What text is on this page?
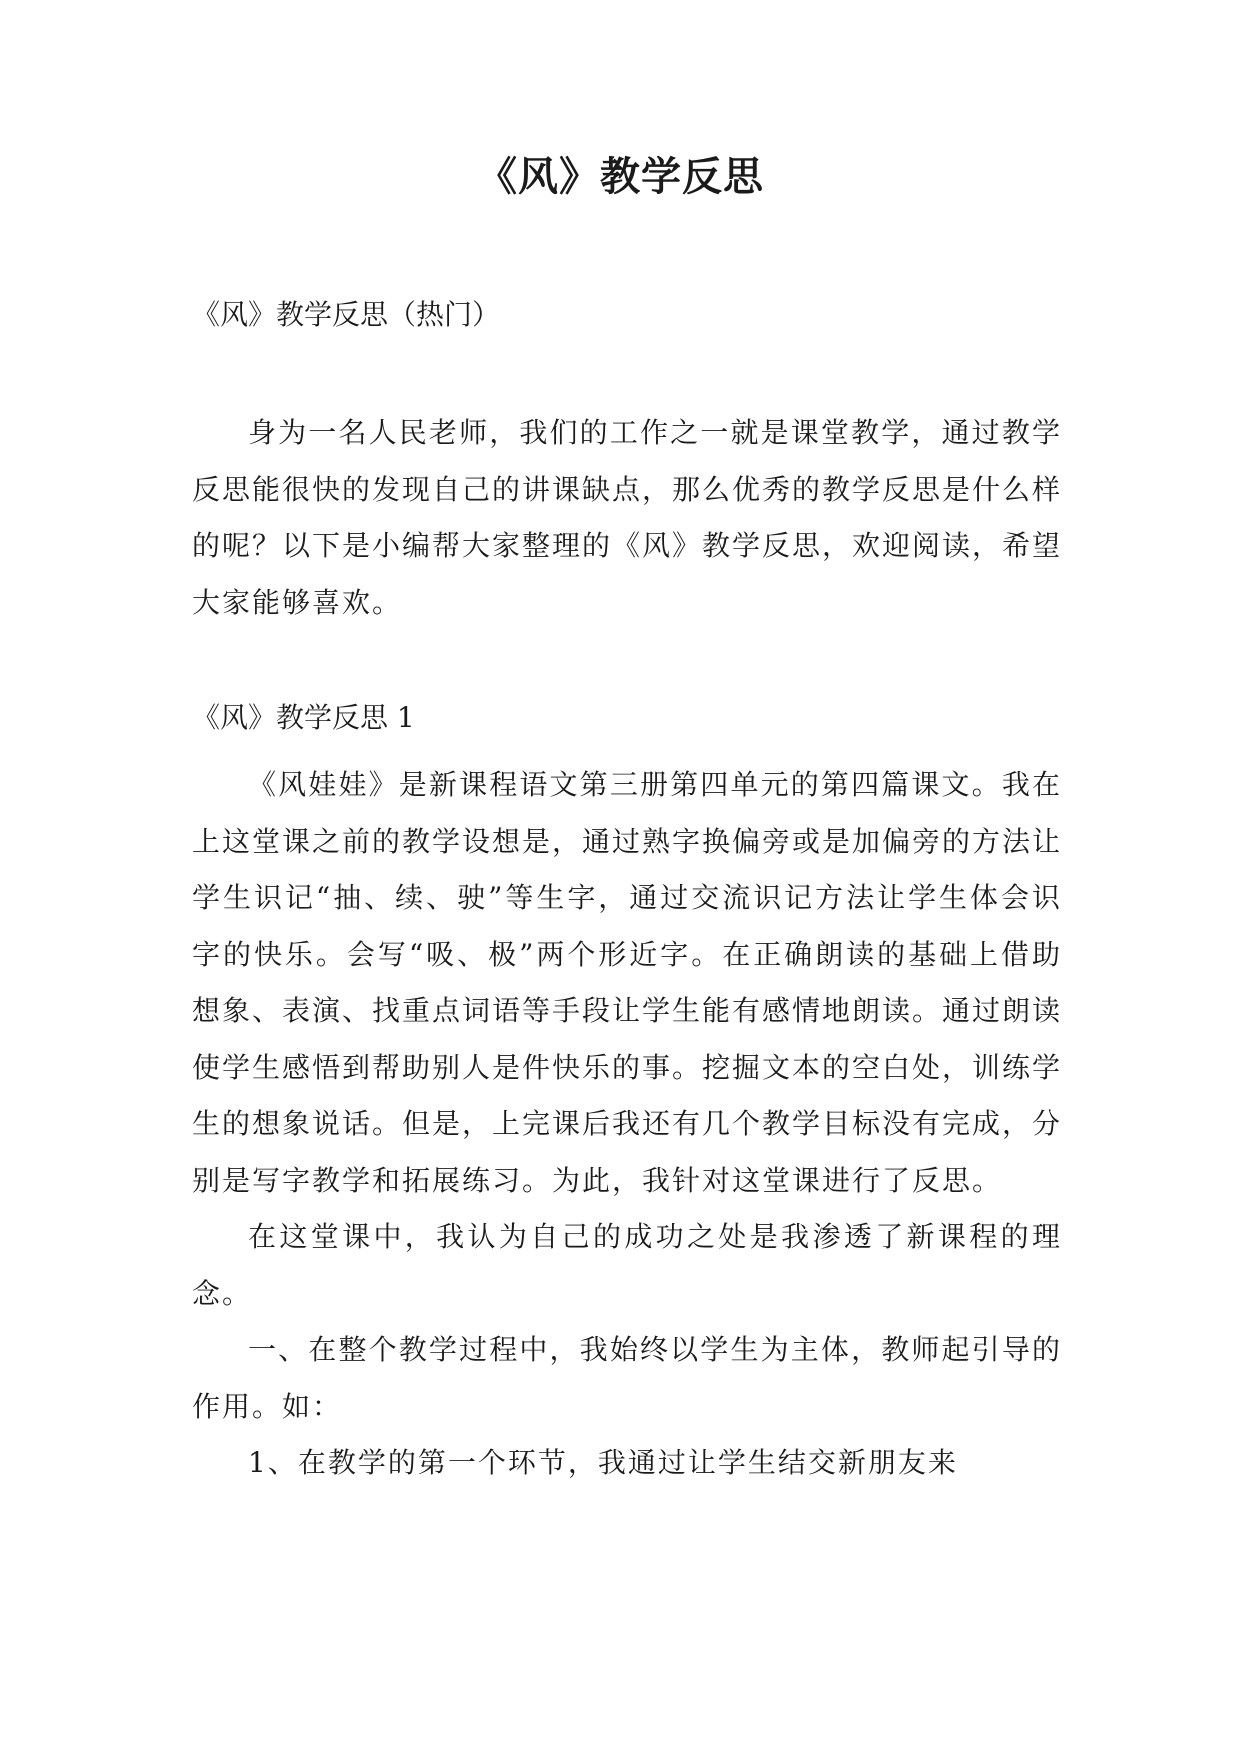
《风》教学反思

《风》教学反思（热门）

身为一名人民老师，我们的工作之一就是课堂教学，通过教学反思能很快的发现自己的讲课缺点，那么优秀的教学反思是什么样的呢？以下是小编帮大家整理的《风》教学反思，欢迎阅读，希望大家能够喜欢。

《风》教学反思 1

《风娃娃》是新课程语文第三册第四单元的第四篇课文。我在上这堂课之前的教学设想是，通过熟字换偏旁或是加偏旁的方法让学生识记“抽、续、驶”等生字，通过交流识记方法让学生体会识字的快乐。会写“吸、极”两个形近字。在正确朗读的基础上借助想象、表演、找重点词语等手段让学生能有感情地朗读。通过朗读使学生感悟到帮助别人是件快乐的事。挖掘文本的空白处，训练学生的想象说话。但是，上完课后我还有几个教学目标没有完成，分别是写字教学和拓展练习。为此，我针对这堂课进行了反思。

在这堂课中，我认为自己的成功之处是我渗透了新课程的理念。

一、在整个教学过程中，我始终以学生为主体，教师起引导的作用。如：

1、在教学的第一个环节，我通过让学生结交新朋友来
